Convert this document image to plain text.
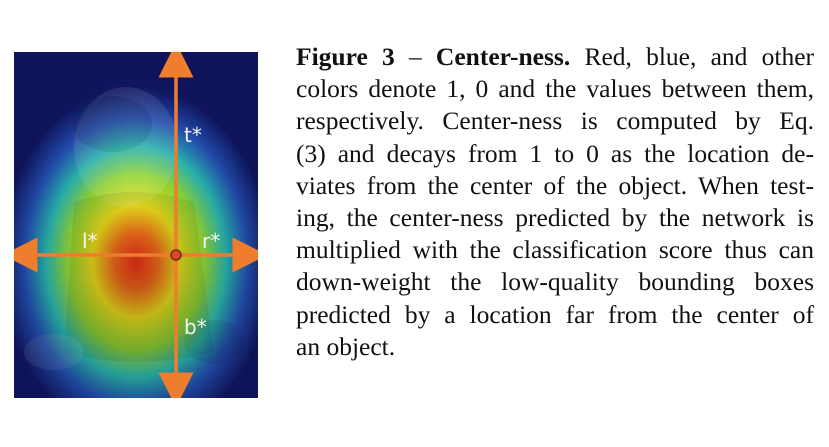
t*
l*	r*
b*
Figure 3 – Center-ness. Red, blue, and other
colors denote 1, 0 and the values between them,
respectively. Center-ness is computed by Eq.
(3) and decays from 1 to 0 as the location de-
viates from the center of the object. When test-
ing, the center-ness predicted by the network is
multiplied with the classification score thus can
down-weight the low-quality bounding boxes
predicted by a location far from the center of
an object.
